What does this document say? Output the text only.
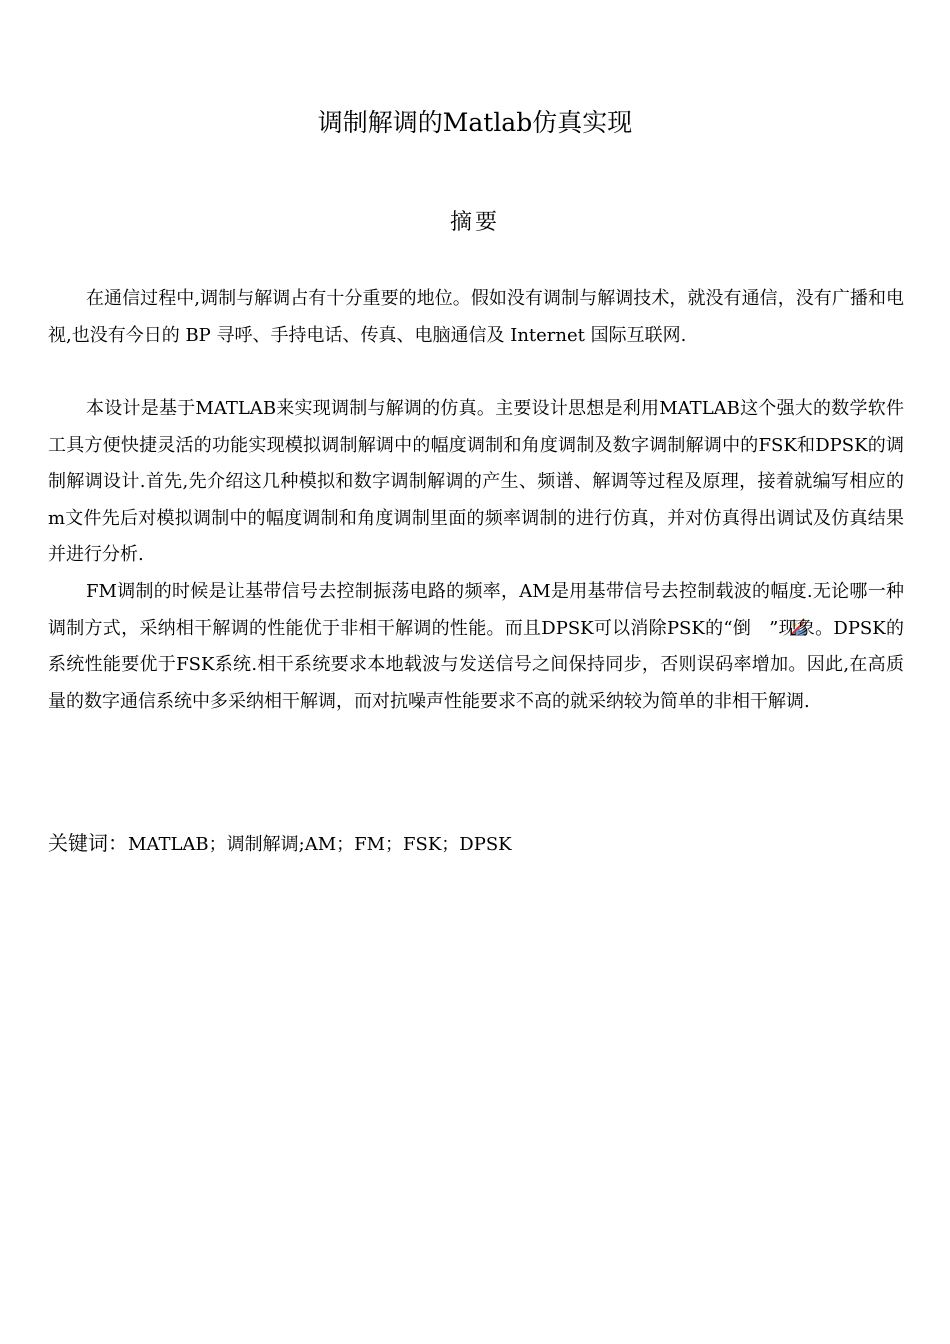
调制解调的Matlab仿真实现
摘要

在通信过程中,调制与解调占有十分重要的地位。假如没有调制与解调技术，就没有通信，没有广播和电视,也没有今日的 BP 寻呼、手持电话、传真、电脑通信及 Internet 国际互联网.

本设计是基于MATLAB来实现调制与解调的仿真。主要设计思想是利用MATLAB这个强大的数学软件工具方便快捷灵活的功能实现模拟调制解调中的幅度调制和角度调制及数字调制解调中的FSK和DPSK的调制解调设计.首先,先介绍这几种模拟和数字调制解调的产生、频谱、解调等过程及原理，接着就编写相应的m文件先后对模拟调制中的幅度调制和角度调制里面的频率调制的进行仿真，并对仿真得出调试及仿真结果并进行分析.

FM调制的时候是让基带信号去控制振荡电路的频率，AM是用基带信号去控制载波的幅度.无论哪一种调制方式，采纳相干解调的性能优于非相干解调的性能。而且DPSK可以消除PSK的“倒 ”现象。DPSK的系统性能要优于FSK系统.相干系统要求本地载波与发送信号之间保持同步，否则误码率增加。因此,在高质量的数字通信系统中多采纳相干解调，而对抗噪声性能要求不高的就采纳较为简单的非相干解调.

关键词：MATLAB；调制解调;AM；FM；FSK；DPSK
